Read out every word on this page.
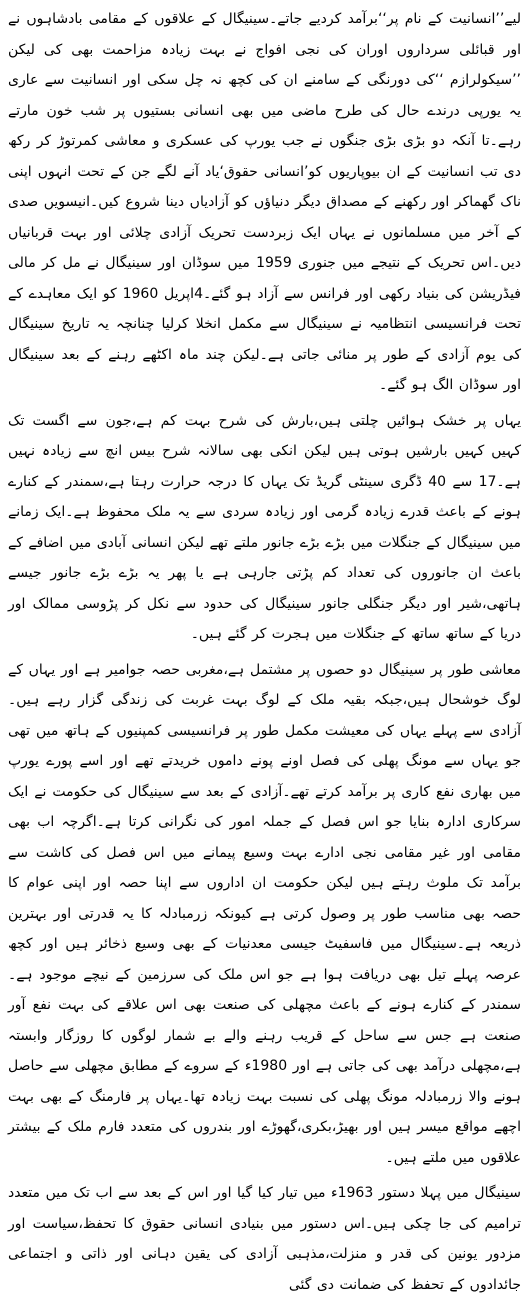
لیے’’انسانیت کے نام پر‘‘برآمد کردیے جاتے۔سینیگال کے علاقوں کے مقامی بادشاہوں نے اور قبائلی سرداروں اوران کی نجی افواج نے بہت زیادہ مزاحمت بھی کی لیکن ’’سیکولرازم ‘‘کی دورنگی کے سامنے ان کی کچھ نہ چل سکی اور انسانیت سے عاری یہ یورپی درندے حال کی طرح ماضی میں بھی انسانی بستیوں پر شب خون مارتے رہے۔تا آنکہ دو بڑی بڑی جنگوں نے جب یورپ کی عسکری و معاشی کمرتوڑ کر رکھ دی تب انسانیت کے ان بیوپاریوں کو’انسانی حقوق‘یاد آنے لگے جن کے تحت انہوں اپنی ناک گھماکر اور رکھنے کے مصداق دیگر دنیاؤں کو آزادیاں دینا شروع کیں۔انیسویں صدی کے آخر میں مسلمانوں نے یہاں ایک زبردست تحریک آزادی چلائی اور بہت قربانیاں دیں۔اس تحریک کے نتیجے میں جنوری 1959 میں سوڈان اور سینیگال نے مل کر مالی فیڈریشن کی بنیاد رکھی اور فرانس سے آزاد ہو گئے۔4اپریل 1960 کو ایک معاہدے کے تحت فرانسیسی انتظامیہ نے سینیگال سے مکمل انخلا کرلیا چنانچہ یہ تاریخ سینیگال کی یوم آزادی کے طور پر منائی جاتی ہے۔لیکن چند ماہ اکٹھے رہنے کے بعد سینیگال اور سوڈان الگ ہو گئے۔

یہاں پر خشک ہوائیں چلتی ہیں،بارش کی شرح بہت کم ہے،جون سے اگست تک کہیں کہیں بارشیں ہوتی ہیں لیکن انکی بھی سالانہ شرح بیس انچ سے زیادہ نہیں ہے۔17 سے 40 ڈگری سینٹی گریڈ تک یہاں کا درجہ حرارت رہتا ہے،سمندر کے کنارے ہونے کے باعث قدرے زیادہ گرمی اور زیادہ سردی سے یہ ملک محفوظ ہے۔ایک زمانے میں سینیگال کے جنگلات میں بڑے بڑے جانور ملتے تھے لیکن انسانی آبادی میں اضافے کے باعث ان جانوروں کی تعداد کم پڑتی جارہی ہے یا پھر یہ بڑے بڑے جانور جیسے ہاتھی،شیر اور دیگر جنگلی جانور سینیگال کی حدود سے نکل کر پڑوسی ممالک اور دریا کے ساتھ ساتھ کے جنگلات میں ہجرت کر گئے ہیں۔

معاشی طور پر سینیگال دو حصوں پر مشتمل ہے،مغربی حصہ جوامیر ہے اور یہاں کے لوگ خوشحال ہیں،جبکہ بقیہ ملک کے لوگ بہت غربت کی زندگی گزار رہے ہیں۔آزادی سے پہلے یہاں کی معیشت مکمل طور پر فرانسیسی کمپنیوں کے ہاتھ میں تھی جو یہاں سے مونگ پھلی کی فصل اونے پونے داموں خریدتے تھے اور اسے پورے یورپ میں بھاری نفع کاری پر برآمد کرتے تھے۔آزادی کے بعد سے سینیگال کی حکومت نے ایک سرکاری ادارہ بنایا جو اس فصل کے جملہ امور کی نگرانی کرتا ہے۔اگرچہ اب بھی مقامی اور غیر مقامی نجی ادارے بہت وسیع پیمانے میں اس فصل کی کاشت سے برآمد تک ملوث رہتے ہیں لیکن حکومت ان اداروں سے اپنا حصہ اور اپنی عوام کا حصہ بھی مناسب طور پر وصول کرتی ہے کیونکہ زرمبادلہ کا یہ قدرتی اور بہترین ذریعہ ہے۔سینیگال میں فاسفیٹ جیسی معدنیات کے بھی وسیع ذخائر ہیں اور کچھ عرصہ پہلے تیل بھی دریافت ہوا ہے جو اس ملک کی سرزمین کے نیچے موجود ہے۔سمندر کے کنارے ہونے کے باعث مچھلی کی صنعت بھی اس علاقے کی بہت نفع آور صنعت ہے جس سے ساحل کے قریب رہنے والے بے شمار لوگوں کا روزگار وابستہ ہے،مچھلی درآمد بھی کی جاتی ہے اور 1980ء کے سروے کے مطابق مچھلی سے حاصل ہونے والا زرمبادلہ مونگ پھلی کی نسبت بہت زیادہ تھا۔یہاں پر فارمنگ کے بھی بہت اچھے مواقع میسر ہیں اور بھیڑ،بکری،گھوڑے اور بندروں کی متعدد فارم ملک کے بیشتر علاقوں میں ملتے ہیں۔

سینیگال میں پہلا دستور 1963ء میں تیار کیا گیا اور اس کے بعد سے اب تک میں متعدد ترامیم کی جا چکی ہیں۔اس دستور میں بنیادی انسانی حقوق کا تحفظ،سیاست اور مزدور یونین کی قدر و منزلت،مذہبی آزادی کی یقین دہانی اور ذاتی و اجتماعی جائدادوں کے تحفظ کی ضمانت دی گئی
